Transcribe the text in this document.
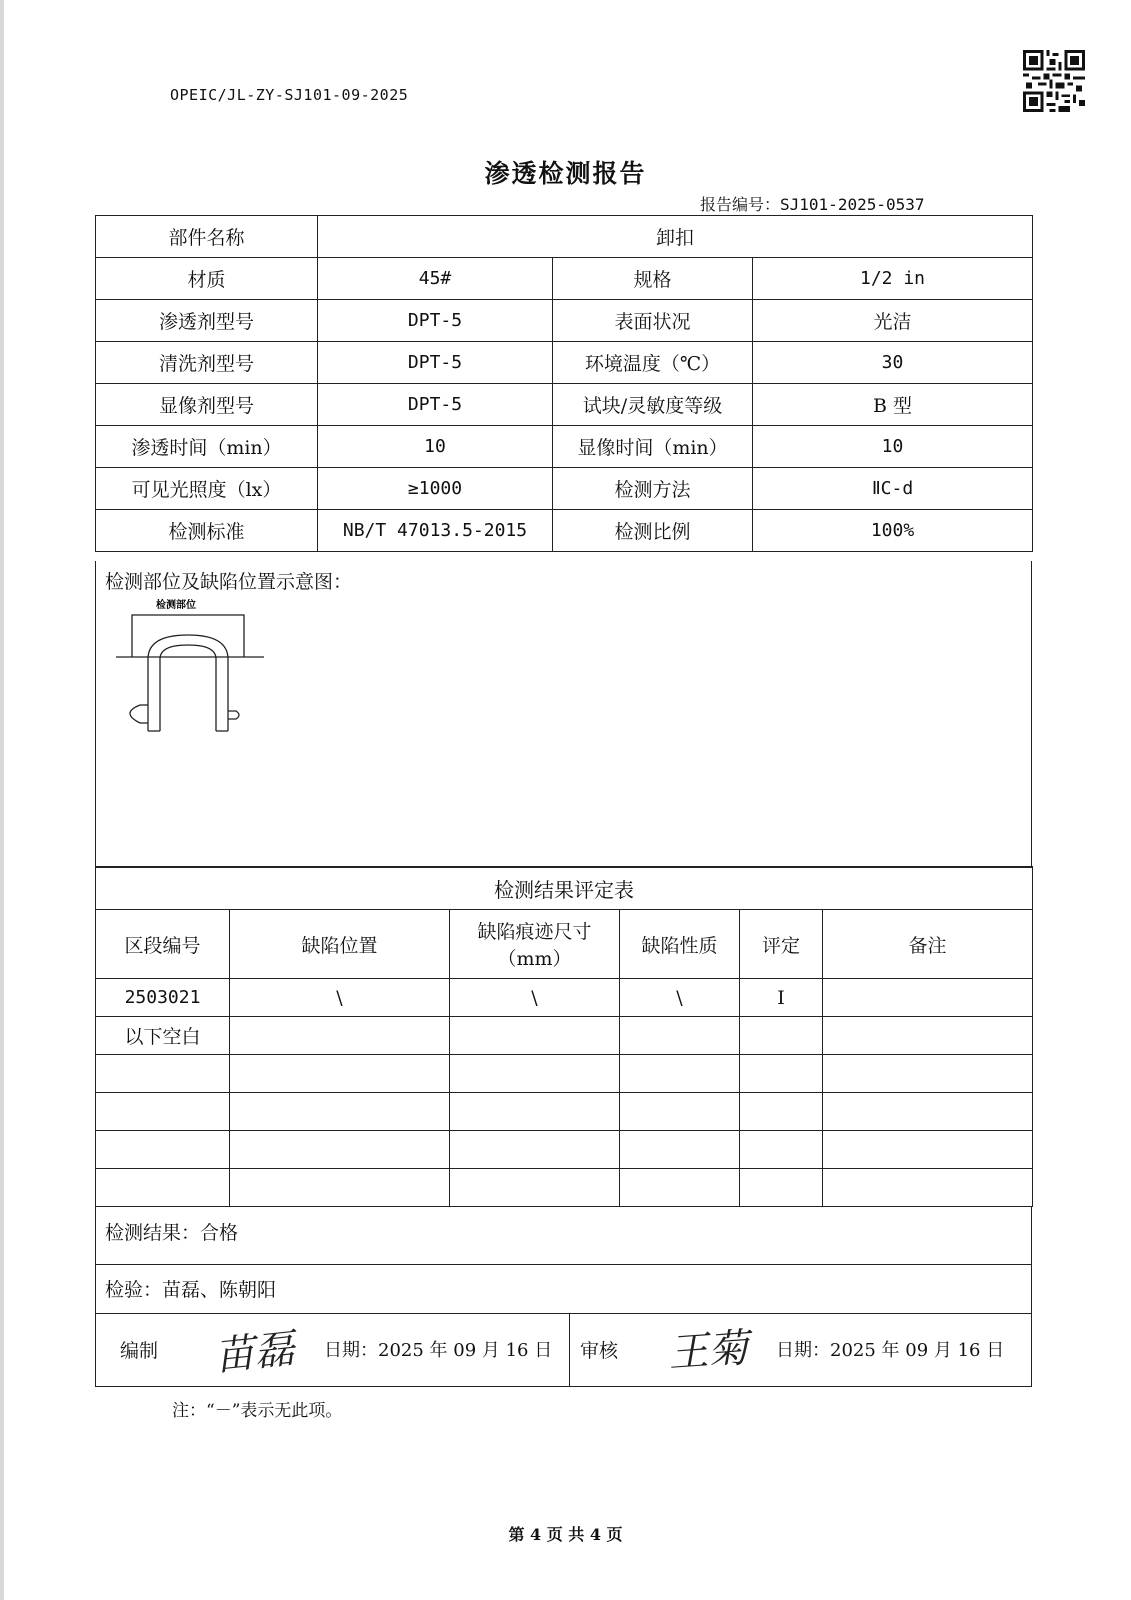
OPEIC/JL-ZY-SJ101-09-2025
渗透检测报告
报告编号：SJ101-2025-0537
部件名称	卸扣		
材质	45#	规格	1/2 in
渗透剂型号	DPT-5	表面状况	光洁
清洗剂型号	DPT-5	环境温度（℃）	30
显像剂型号	DPT-5	试块/灵敏度等级	B 型
渗透时间（min）	10	显像时间（min）	10
可见光照度（lx）	≥1000	检测方法	ⅡC-d
检测标准	NB/T 47013.5-2015	检测比例	100%
检测部位及缺陷位置示意图：
检测部位
检测结果评定表					
区段编号	缺陷位置	缺陷痕迹尺寸
（mm）	缺陷性质	评定	备注
2503021	\	\	\	I	
以下空白					

检测结果：合格
检验：苗磊、陈朝阳
编制 苗磊 日期：2025 年 09 月 16 日 审核 王菊 日期：2025 年 09 月 16 日
注：“－”表示无此项。
第 4 页 共 4 页
